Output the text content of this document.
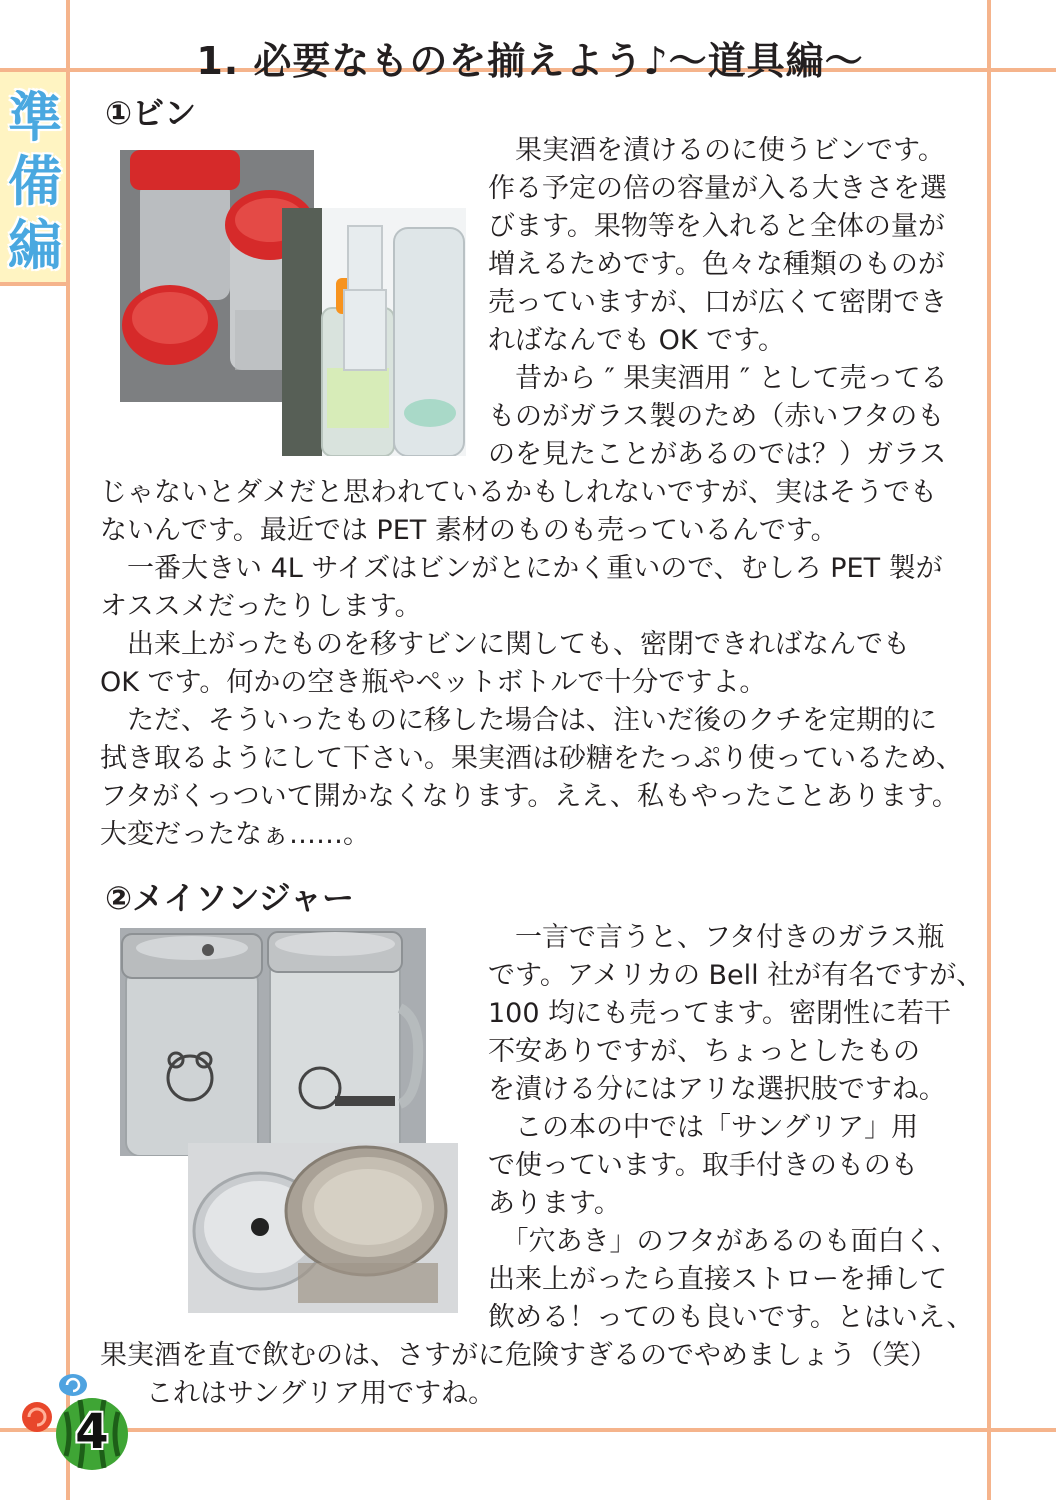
準
備
編
1. 必要なものを揃えよう♪～道具編～
①ビン
　果実酒を漬けるのに使うビンです。
作る予定の倍の容量が入る大きさを選
びます。果物等を入れると全体の量が
増えるためです。色々な種類のものが
売っていますが、口が広くて密閉でき
ればなんでも OK です。
　昔から ″ 果実酒用 ″ として売ってる
ものがガラス製のため（赤いフタのも
のを見たことがあるのでは？）ガラス
じゃないとダメだと思われているかもしれないですが、実はそうでも
ないんです。最近では PET 素材のものも売っているんです。
　一番大きい 4L サイズはビンがとにかく重いので、むしろ PET 製が
オススメだったりします。
　出来上がったものを移すビンに関しても、密閉できればなんでも
OK です。何かの空き瓶やペットボトルで十分ですよ。
　ただ、そういったものに移した場合は、注いだ後のクチを定期的に
拭き取るようにして下さい。果実酒は砂糖をたっぷり使っているため、
フタがくっついて開かなくなります。ええ、私もやったことあります。
大変だったなぁ……。
②メイソンジャー
　一言で言うと、フタ付きのガラス瓶
です。アメリカの Bell 社が有名ですが、
100 均にも売ってます。密閉性に若干
不安ありですが、ちょっとしたもの
を漬ける分にはアリな選択肢ですね。
　この本の中では「サングリア」用
で使っています。取手付きのものも
あります。
　「穴あき」のフタがあるのも面白く、
出来上がったら直接ストローを挿して
飲める！ってのも良いです。とはいえ、
果実酒を直で飲むのは、さすがに危険すぎるのでやめましょう（笑）
これはサングリア用ですね。
4
